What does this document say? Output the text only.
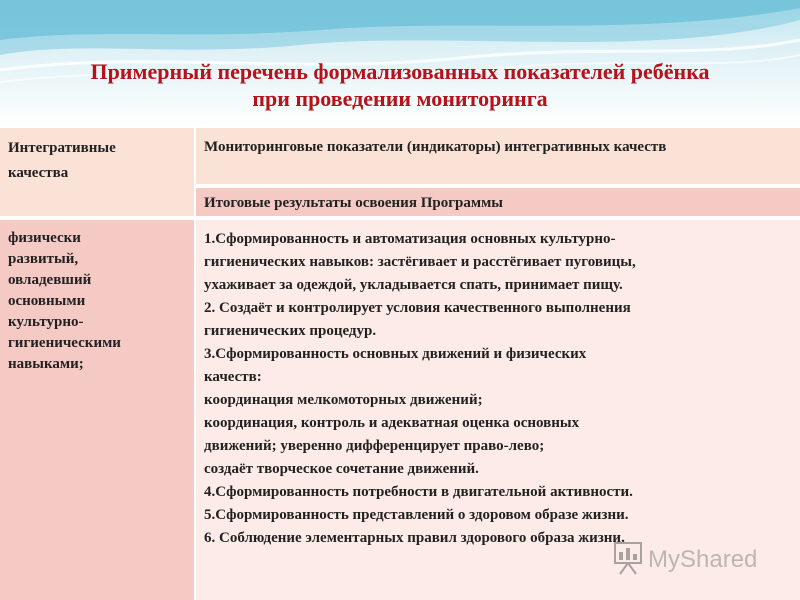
Примерный перечень формализованных показателей ребёнка
при проведении мониторинга
Интегративные
качества
Мониторинговые показатели (индикаторы) интегративных качеств
Итоговые результаты освоения Программы
физически
развитый,
овладевший
основными
культурно-
гигиеническими
навыками;
1.Сформированность и автоматизация основных культурно-
гигиенических навыков: застёгивает и расстёгивает пуговицы,
ухаживает за одеждой, укладывается спать, принимает пищу.
2. Создаёт и контролирует условия качественного выполнения
гигиенических процедур.
3.Сформированность основных движений и физических
качеств:
координация мелкомоторных движений;
координация, контроль и адекватная оценка основных
движений; уверенно дифференцирует право-лево;
создаёт творческое сочетание движений.
4.Сформированность потребности в двигательной активности.
5.Сформированность представлений о здоровом образе жизни.
6. Соблюдение элементарных правил здорового образа жизни.
MyShared
